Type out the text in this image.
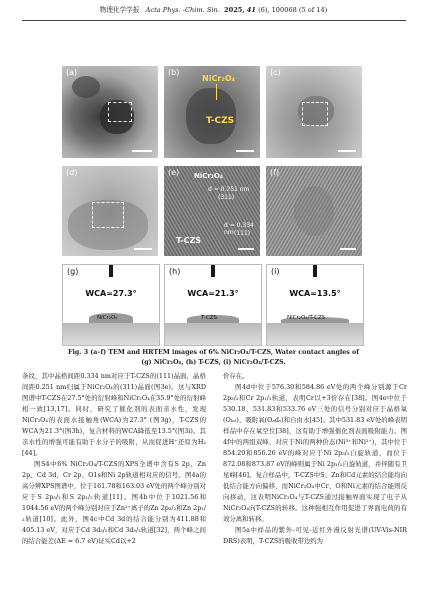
物理化学学报 Acta Phys. -Chim. Sin. 2025, 41 (6), 100068 (5 of 14)
(a)
NiCr₂O₄
T-CZS
(b)	(c)
(d)	NiCr₂O₄
d = 0.251 nm
(311)
d = 0.334 nm (111)
T-CZS
(e)	(f)
(g)
WCA=27.3°
NiCr₂O₄
(h)
WCA=21.3°
T-CZS
(i)
WCA=13.5°
NiCr₂O₄/T-CZS
Fig. 3 (a–f) TEM and HRTEM images of 6% NiCr₂O₄/T-CZS, Water contact angles of
(g) NiCr₂O₄, (h) T-CZS, (i) NiCr₂O₄/T-CZS.

条纹，其中晶格间距0.334 nm对应于T-CZS的(111)晶面，晶格间距0.251 nm归属于NiCr₂O₄的(311)晶面(图3e)。这与XRD图谱中T-CZS在27.5°处的衍射峰和NiCr₂O₄在35.9°处的衍射峰相一致[13,17]。同时，研究了催化剂的表面亲水性，发现NiCr₂O₄的表面水接触角(WCA)为27.3° (图3g)，T-CZS的WCA为21.3°(图3h)，复合材料的WCA降低至13.5°(图3i)。其亲水性的增强可能有助于水分子的吸附，从而促进H⁺还原为H₂ [44]。

图S4中6% NiCr₂O₄/T-CZS的XPS全谱中含有S 2p、Zn 2p、Cd 3d、Cr 2p、O1s和Ni 2p轨道相对应的信号。图4a的高分辨XPS图谱中，位于161.78和163.03 eV处的两个峰分别对应于S 2p₃/₂和S 2p₁/₂轨道[11]。图4b中位于1021.56和1044.56 eV的两个峰分别对应于Zn²⁺离子的Zn 2p₃/₂和Zn 2p₁/₂轨道[10]。此外，图4c中Cd 3d的结合能分别为411.88和405.13 eV，对应于Cd 3d₃/₂和Cd 3d₅/₂轨道[32]，两个峰之间的结合能差(ΔE = 6.7 eV)证实Cd以+2

价存在。

图4d中位于576.30和584.86 eV处的两个峰分别源于Cr 2p₃/₂和Cr 2p₁/₂轨道，表明Cr以+3价存在[38]。图4e中位于530.18、531.83和533.76 eV三处的信号分别对应于晶格氧(Oₗₐₜ)、吸附氧(Oₐdₛ)和自由水[45]。其中531.83 eV处的峰表明样品中存在氧空位[38]，这有助于增强催化剂表面吸附能力。图4f中的两组双峰，对应于Ni的两种价态(Ni³⁺和Ni²⁺)，其中位于854.29和856.26 eV的峰对应于Ni 2p₃/₂自旋轨道，而位于872.08和873.87 eV的峰则属于Ni 2p₁/₂自旋轨道，并伴随有卫星峰[46]。复合样品中，T-CZS中S、Zn和Cd元素的结合能均向低结合能方向偏移，而NiCr₂O₄中Cr、O和Ni元素的结合能则反向移动，这表明NiCr₂O₄与T-CZS通过接触界面实现了电子从NiCr₂O₄向T-CZS的转移。这种强相互作用促进了界面电荷的有效分离和转移。

图5a中样品的紫外-可见-近红外漫反射光谱(UV-Vis-NIR DRS)表明，T-CZS的吸收带边约为
